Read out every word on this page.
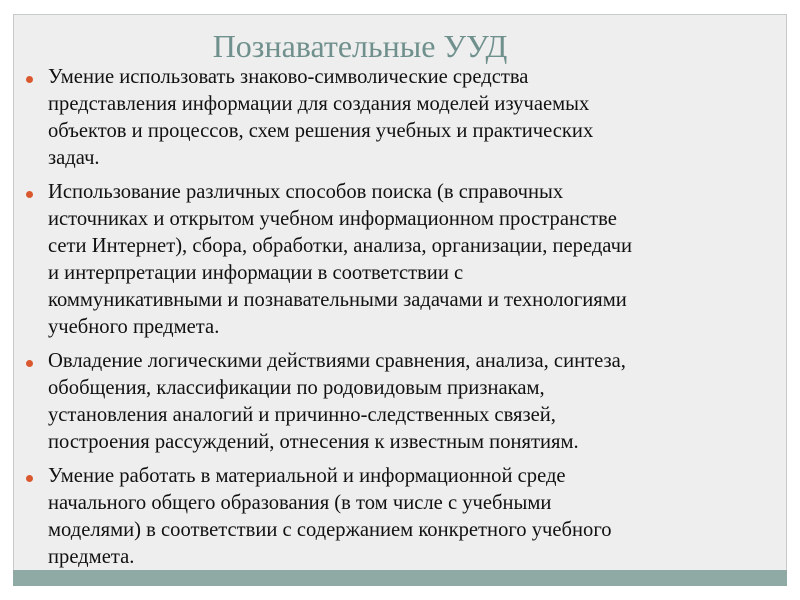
Познавательные УУД
Умение использовать знаково-символические средства
представления информации для создания моделей изучаемых
объектов и процессов, схем решения учебных и практических
задач.
Использование различных способов поиска (в справочных
источниках и открытом учебном информационном пространстве
сети Интернет), сбора, обработки, анализа, организации, передачи
и интерпретации информации в соответствии с
коммуникативными и познавательными задачами и технологиями
учебного предмета.
Овладение логическими действиями сравнения, анализа, синтеза,
обобщения, классификации по родовидовым признакам,
установления аналогий и причинно-следственных связей,
построения рассуждений, отнесения к известным понятиям.
Умение работать в материальной и информационной среде
начального общего образования (в том числе с учебными
моделями) в соответствии с содержанием конкретного учебного
предмета.
